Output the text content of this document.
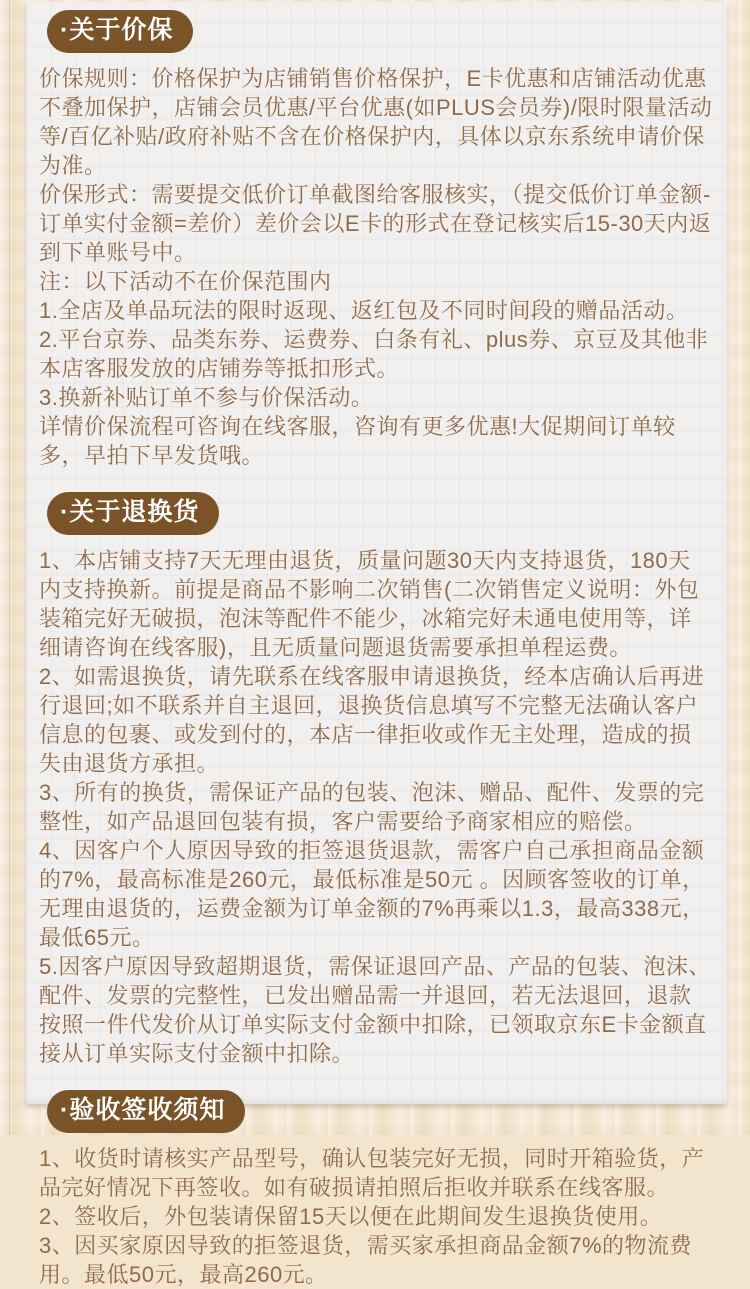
·关于价保

价保规则：价格保护为店铺销售价格保护，E卡优惠和店铺活动优惠不叠加保护，店铺会员优惠/平台优惠(如PLUS会员券)/限时限量活动等/百亿补贴/政府补贴不含在价格保护内，具体以京东系统申请价保为准。

价保形式：需要提交低价订单截图给客服核实，（提交低价订单金额-订单实付金额=差价）差价会以E卡的形式在登记核实后15-30天内返到下单账号中。

注：以下活动不在价保范围内

1.全店及单品玩法的限时返现、返红包及不同时间段的赠品活动。

2.平台京券、品类东券、运费券、白条有礼、plus券、京豆及其他非本店客服发放的店铺券等抵扣形式。

3.换新补贴订单不参与价保活动。

详情价保流程可咨询在线客服，咨询有更多优惠!大促期间订单较多，早拍下早发货哦。

·关于退换货

1、本店铺支持7天无理由退货，质量问题30天内支持退货，180天内支持换新。前提是商品不影响二次销售(二次销售定义说明：外包装箱完好无破损，泡沫等配件不能少，冰箱完好未通电使用等，详细请咨询在线客服)，且无质量问题退货需要承担单程运费。

2、如需退换货，请先联系在线客服申请退换货，经本店确认后再进行退回;如不联系并自主退回，退换货信息填写不完整无法确认客户信息的包裹、或发到付的，本店一律拒收或作无主处理，造成的损失由退货方承担。

3、所有的换货，需保证产品的包装、泡沫、赠品、配件、发票的完整性，如产品退回包装有损，客户需要给予商家相应的赔偿。

4、因客户个人原因导致的拒签退货退款，需客户自己承担商品金额的7%，最高标准是260元，最低标准是50元 。因顾客签收的订单，无理由退货的，运费金额为订单金额的7%再乘以1.3，最高338元，最低65元。

5.因客户原因导致超期退货，需保证退回产品、产品的包装、泡沫、配件、发票的完整性，已发出赠品需一并退回，若无法退回，退款按照一件代发价从订单实际支付金额中扣除，已领取京东E卡金额直接从订单实际支付金额中扣除。

·验收签收须知

1、收货时请核实产品型号，确认包装完好无损，同时开箱验货，产品完好情况下再签收。如有破损请拍照后拒收并联系在线客服。

2、签收后，外包装请保留15天以便在此期间发生退换货使用。

3、因买家原因导致的拒签退货，需买家承担商品金额7%的物流费用。最低50元，最高260元。
